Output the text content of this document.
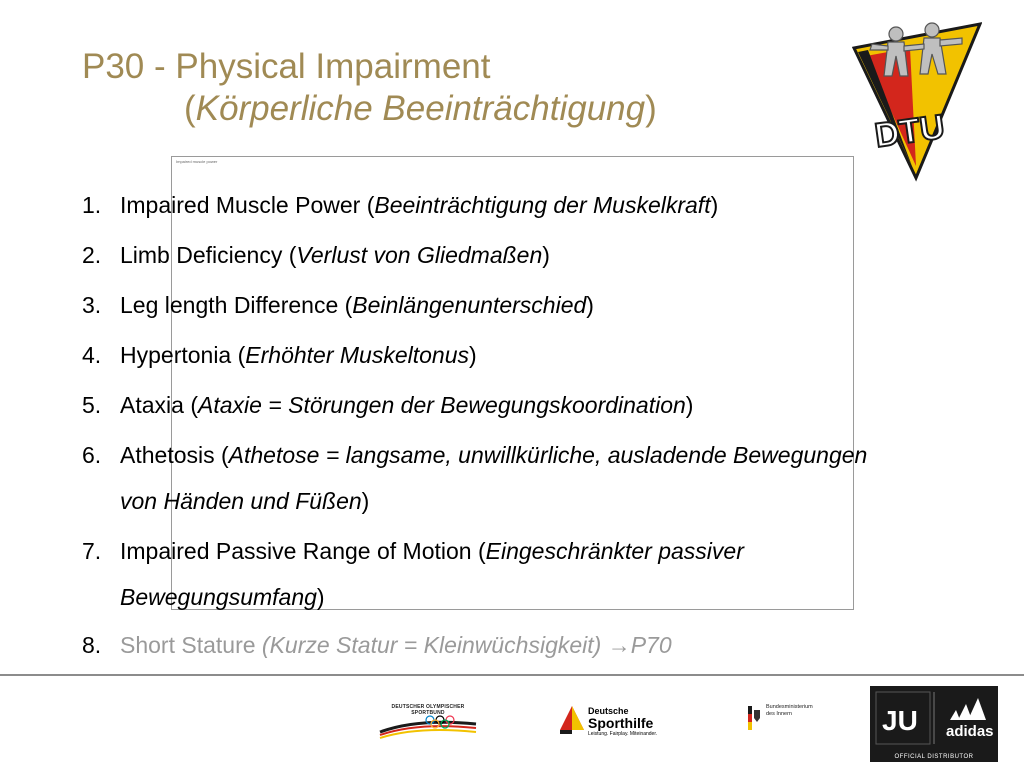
P30 - Physical Impairment
(Körperliche Beeinträchtigung)	DTU
Impaired muscle power
1. Impaired Muscle Power (Beeinträchtigung der Muskelkraft)
2. Limb Deficiency (Verlust von Gliedmaßen)
3. Leg length Difference (Beinlängenunterschied)
4. Hypertonia (Erhöhter Muskeltonus)
5. Ataxia (Ataxie = Störungen der Bewegungskoordination)
6. Athetosis (Athetose = langsame, unwillkürliche, ausladende Bewegungen von Händen und Füßen)
7. Impaired Passive Range of Motion (Eingeschränkter passiver Bewegungsumfang)
8. Short Stature (Kurze Statur = Kleinwüchsigkeit) →P70
DEUTSCHER OLYMPISCHER SPORTBUND	Deutsche
Sporthilfe
Leistung. Fairplay. Miteinander.
Bundesministerium
des Innern	JU adidas
OFFICIAL DISTRIBUTOR
